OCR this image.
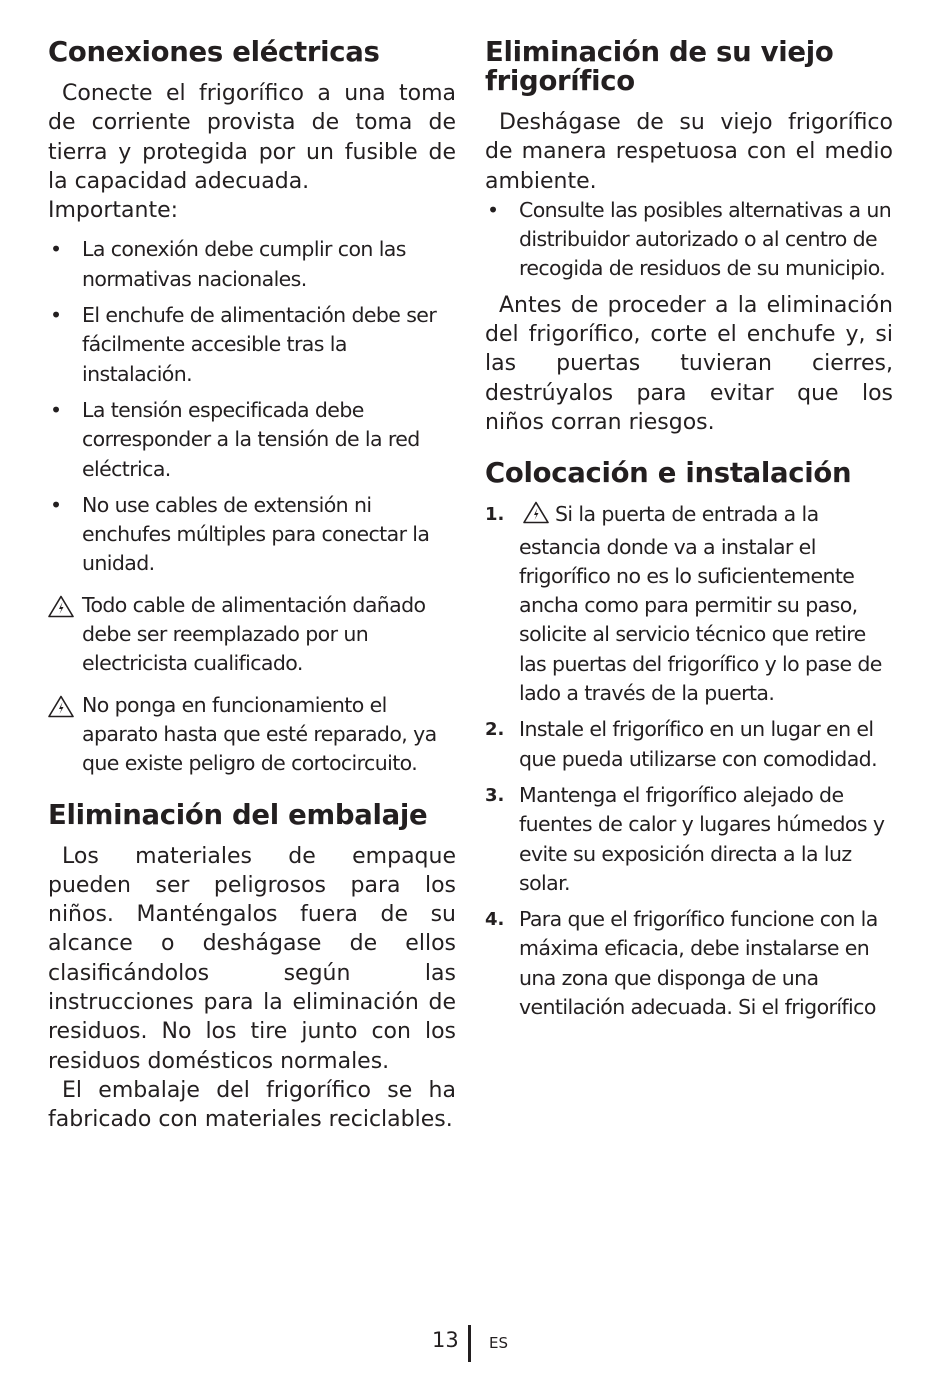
Conexiones eléctricas

Conecte el frigorífico a una toma de corriente provista de toma de tierra y protegida por un fusible de la capacidad adecuada.

Importante:

• La conexión debe cumplir con las normativas nacionales.
• El enchufe de alimentación debe ser fácilmente accesible tras la instalación.
• La tensión especificada debe corresponder a la tensión de la red eléctrica.
• No use cables de extensión ni enchufes múltiples para conectar la unidad.
Todo cable de alimentación dañado debe ser reemplazado por un electricista cualificado.
No ponga en funcionamiento el aparato hasta que esté reparado, ya que existe peligro de cortocircuito.
Eliminación del embalaje

Los materiales de empaque pueden ser peligrosos para los niños. Manténgalos fuera de su alcance o deshágase de ellos clasificándolos según las instrucciones para la eliminación de residuos. No los tire junto con los residuos domésticos normales.

El embalaje del frigorífico se ha fabricado con materiales reciclables.

Eliminación de su viejo frigorífico

Deshágase de su viejo frigorífico de manera respetuosa con el medio ambiente.

• Consulte las posibles alternativas a un distribuidor autorizado o al centro de recogida de residuos de su municipio.

Antes de proceder a la eliminación del frigorífico, corte el enchufe y, si las puertas tuvieran cierres, destrúyalos para evitar que los niños corran riesgos.

Colocación e instalación
1. Si la puerta de entrada a la estancia donde va a instalar el frigorífico no es lo suficientemente ancha como para permitir su paso, solicite al servicio técnico que retire las puertas del frigorífico y lo pase de lado a través de la puerta.
2. Instale el frigorífico en un lugar en el que pueda utilizarse con comodidad.
3. Mantenga el frigorífico alejado de fuentes de calor y lugares húmedos y evite su exposición directa a la luz solar.
4. Para que el frigorífico funcione con la máxima eficacia, debe instalarse en una zona que disponga de una ventilación adecuada. Si el frigorífico
13 ES
